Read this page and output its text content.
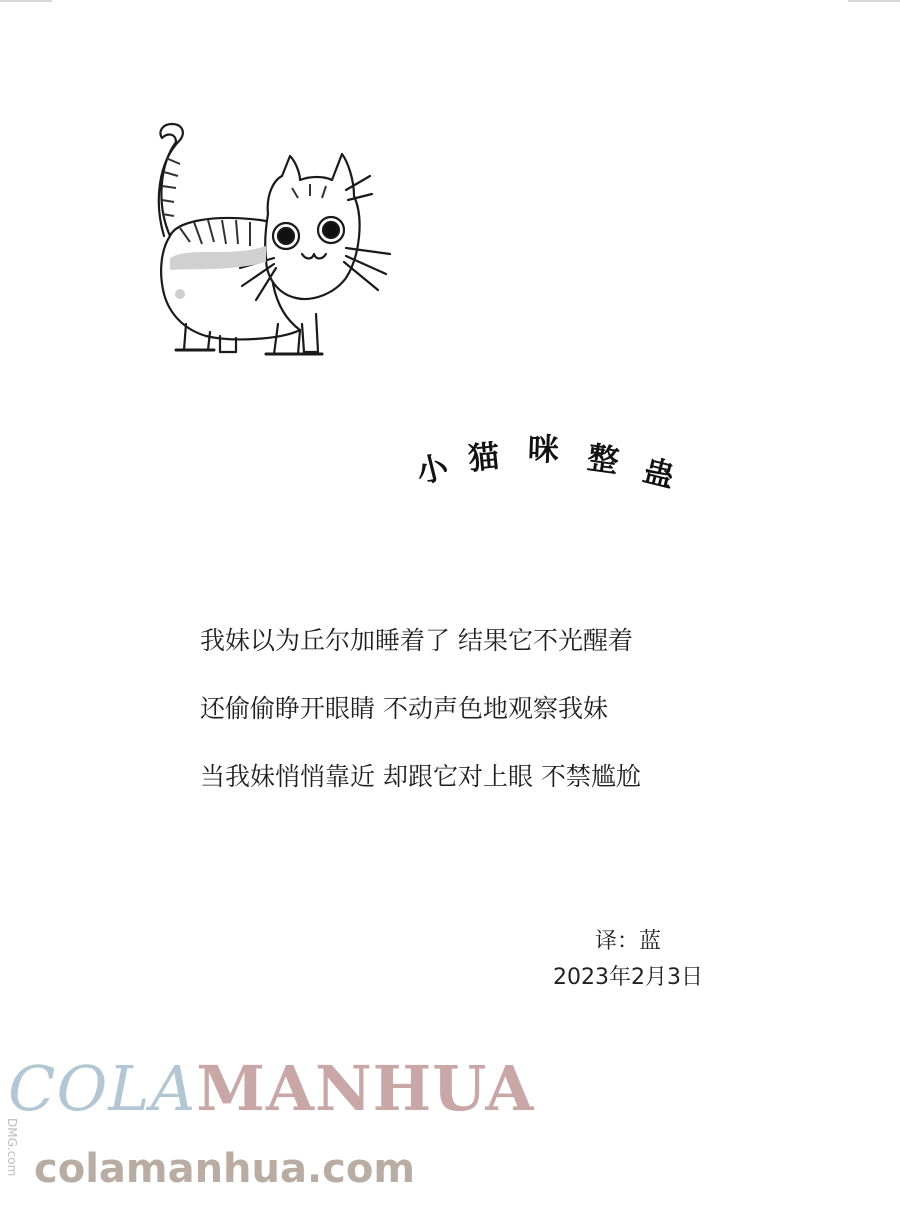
小 猫 咪 整 蛊

我妹以为丘尔加睡着了 结果它不光醒着

还偷偷睁开眼睛 不动声色地观察我妹

当我妹悄悄靠近 却跟它对上眼 不禁尴尬

译：蓝
2023年2月3日
COLAMANHUA
colamanhua.com
DMG.com
